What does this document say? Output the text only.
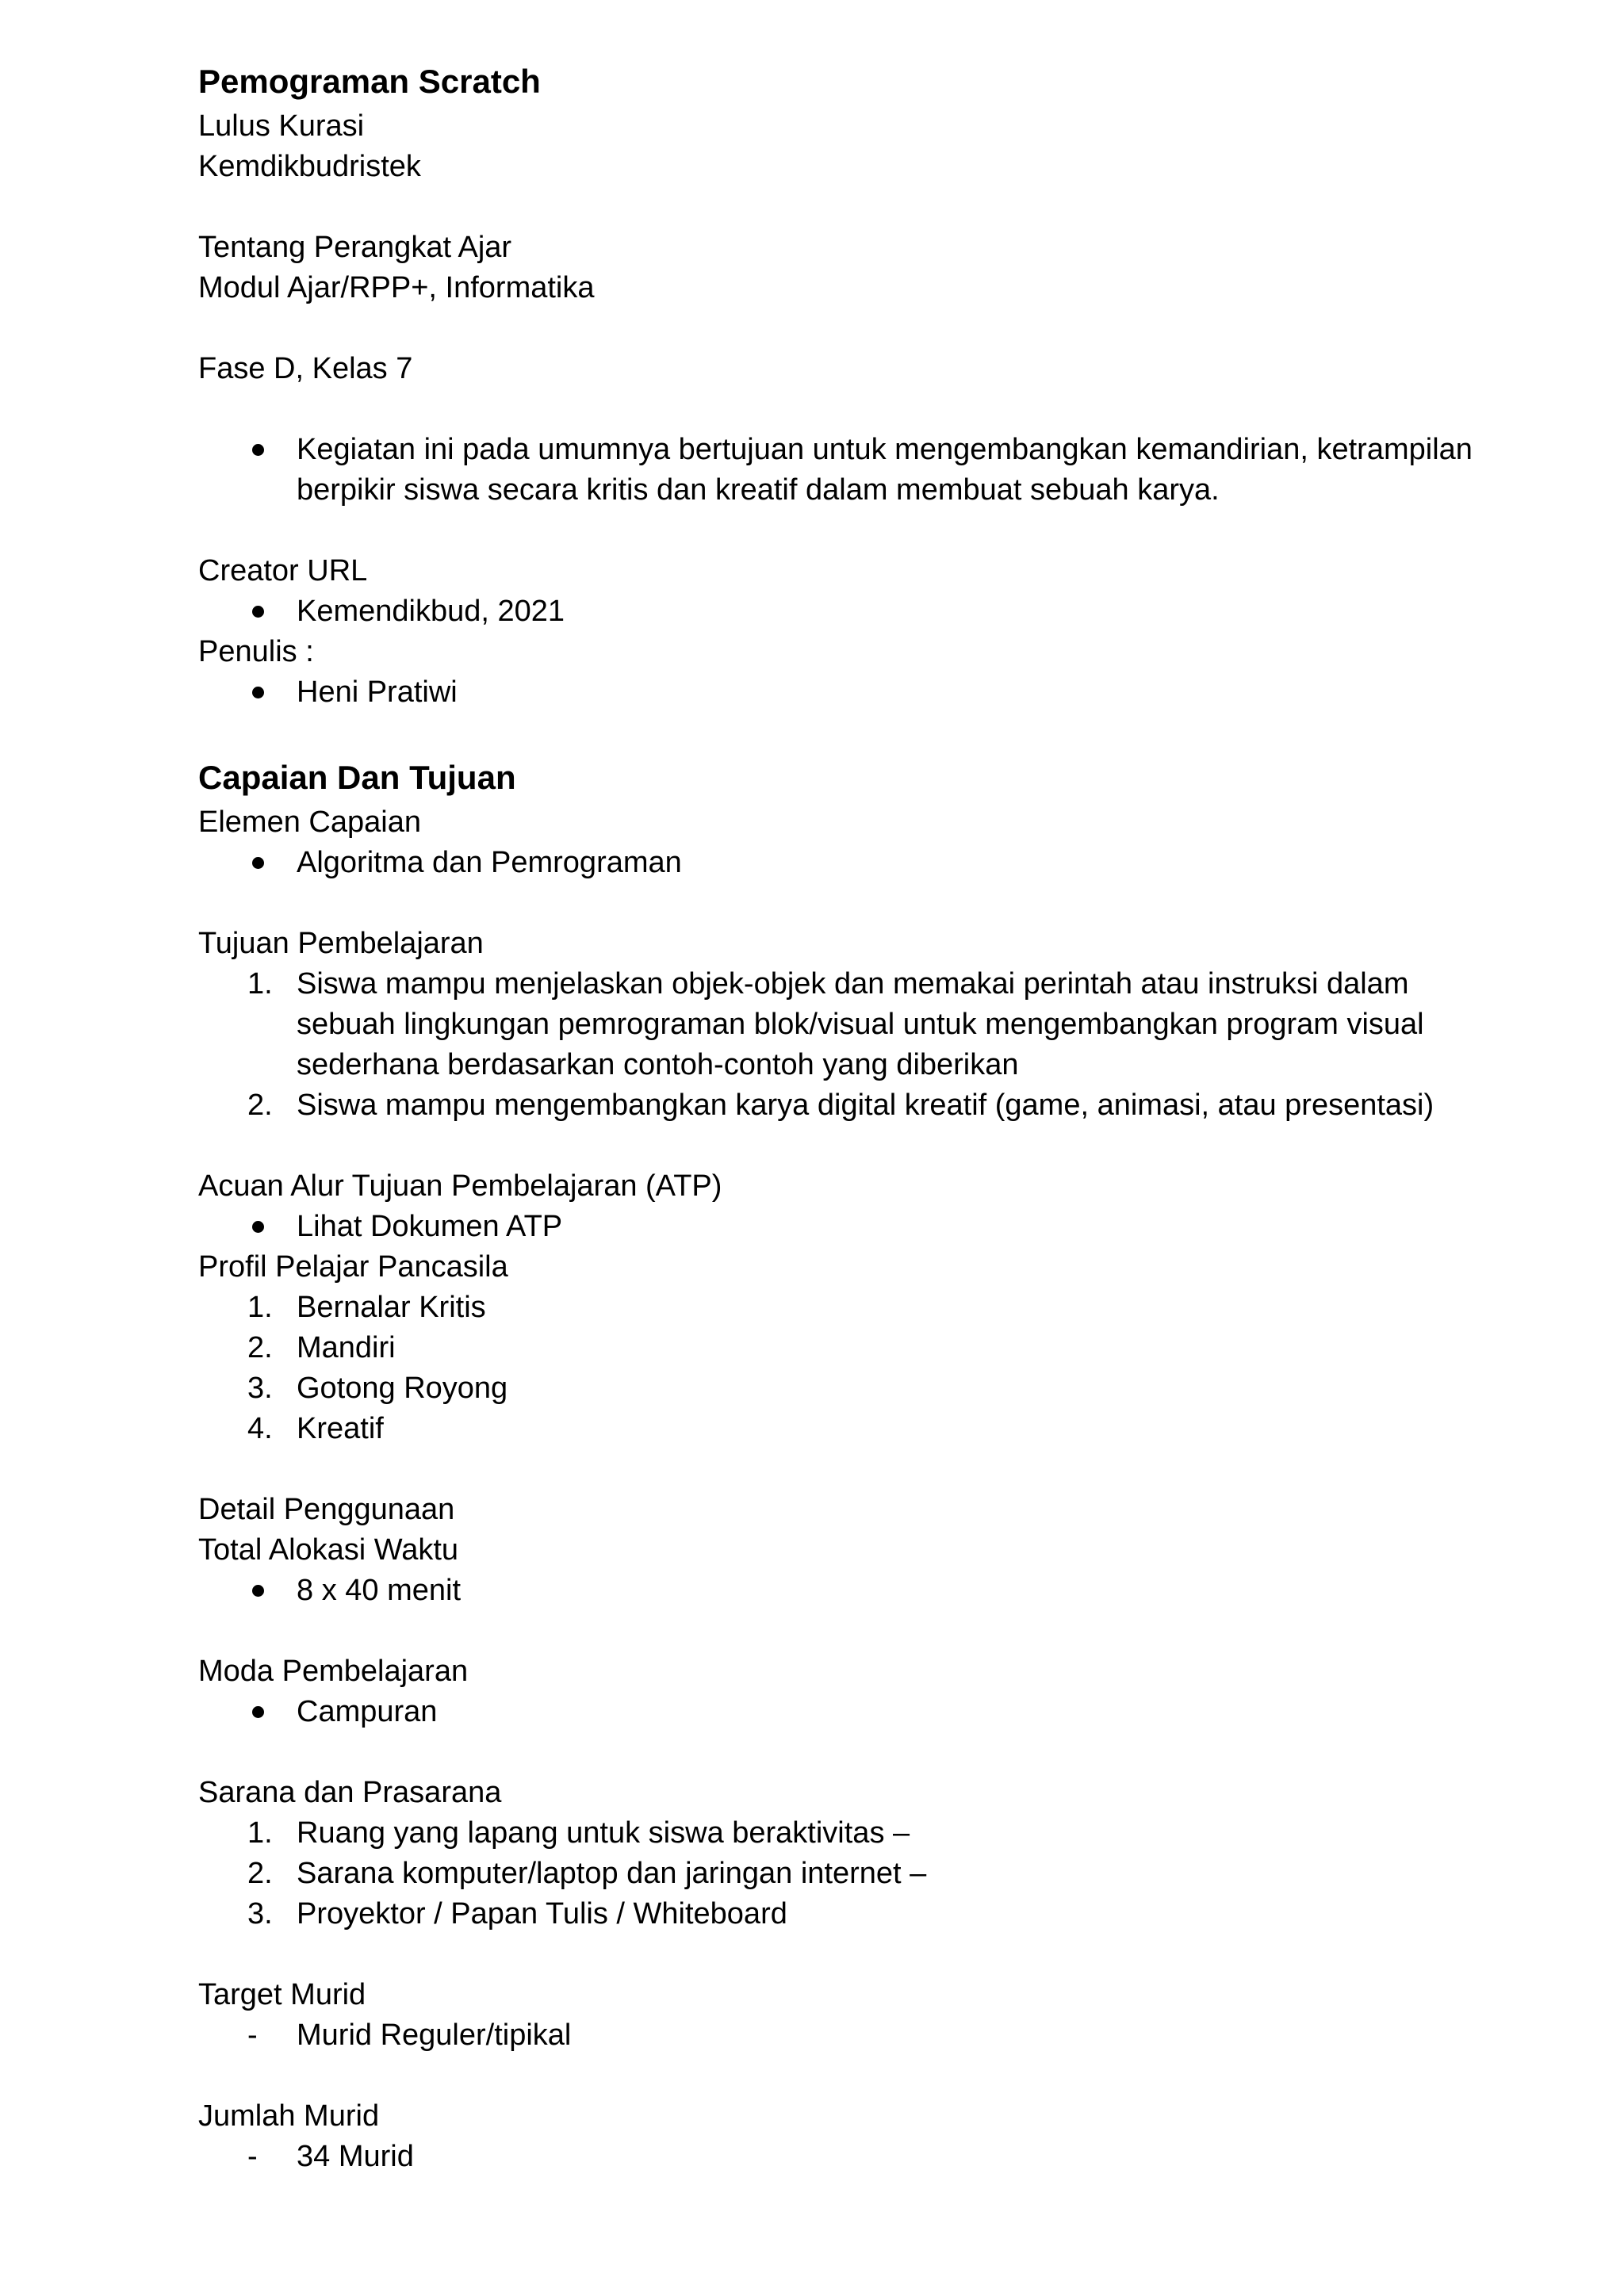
Pemograman Scratch

Lulus Kurasi

Kemdikbudristek

Tentang Perangkat Ajar

Modul Ajar/RPP+, Informatika

Fase D, Kelas 7

Kegiatan ini pada umumnya bertujuan untuk mengembangkan kemandirian, ketrampilan berpikir siswa secara kritis dan kreatif dalam membuat sebuah karya.

Creator URL

Kemendikbud, 2021

Penulis :

Heni Pratiwi
Capaian Dan Tujuan

Elemen Capaian

Algoritma dan Pemrograman

Tujuan Pembelajaran

1. Siswa mampu menjelaskan objek-objek dan memakai perintah atau instruksi dalam sebuah lingkungan pemrograman blok/visual untuk mengembangkan program visual sederhana berdasarkan contoh-contoh yang diberikan
2. Siswa mampu mengembangkan karya digital kreatif (game, animasi, atau presentasi)

Acuan Alur Tujuan Pembelajaran (ATP)

Lihat Dokumen ATP

Profil Pelajar Pancasila

1. Bernalar Kritis
2. Mandiri
3. Gotong Royong
4. Kreatif

Detail Penggunaan

Total Alokasi Waktu

8 x 40 menit

Moda Pembelajaran

Campuran

Sarana dan Prasarana

1. Ruang yang lapang untuk siswa beraktivitas –
2. Sarana komputer/laptop dan jaringan internet –
3. Proyektor / Papan Tulis / Whiteboard

Target Murid

-	Murid Reguler/tipikal

Jumlah Murid

-	34 Murid
